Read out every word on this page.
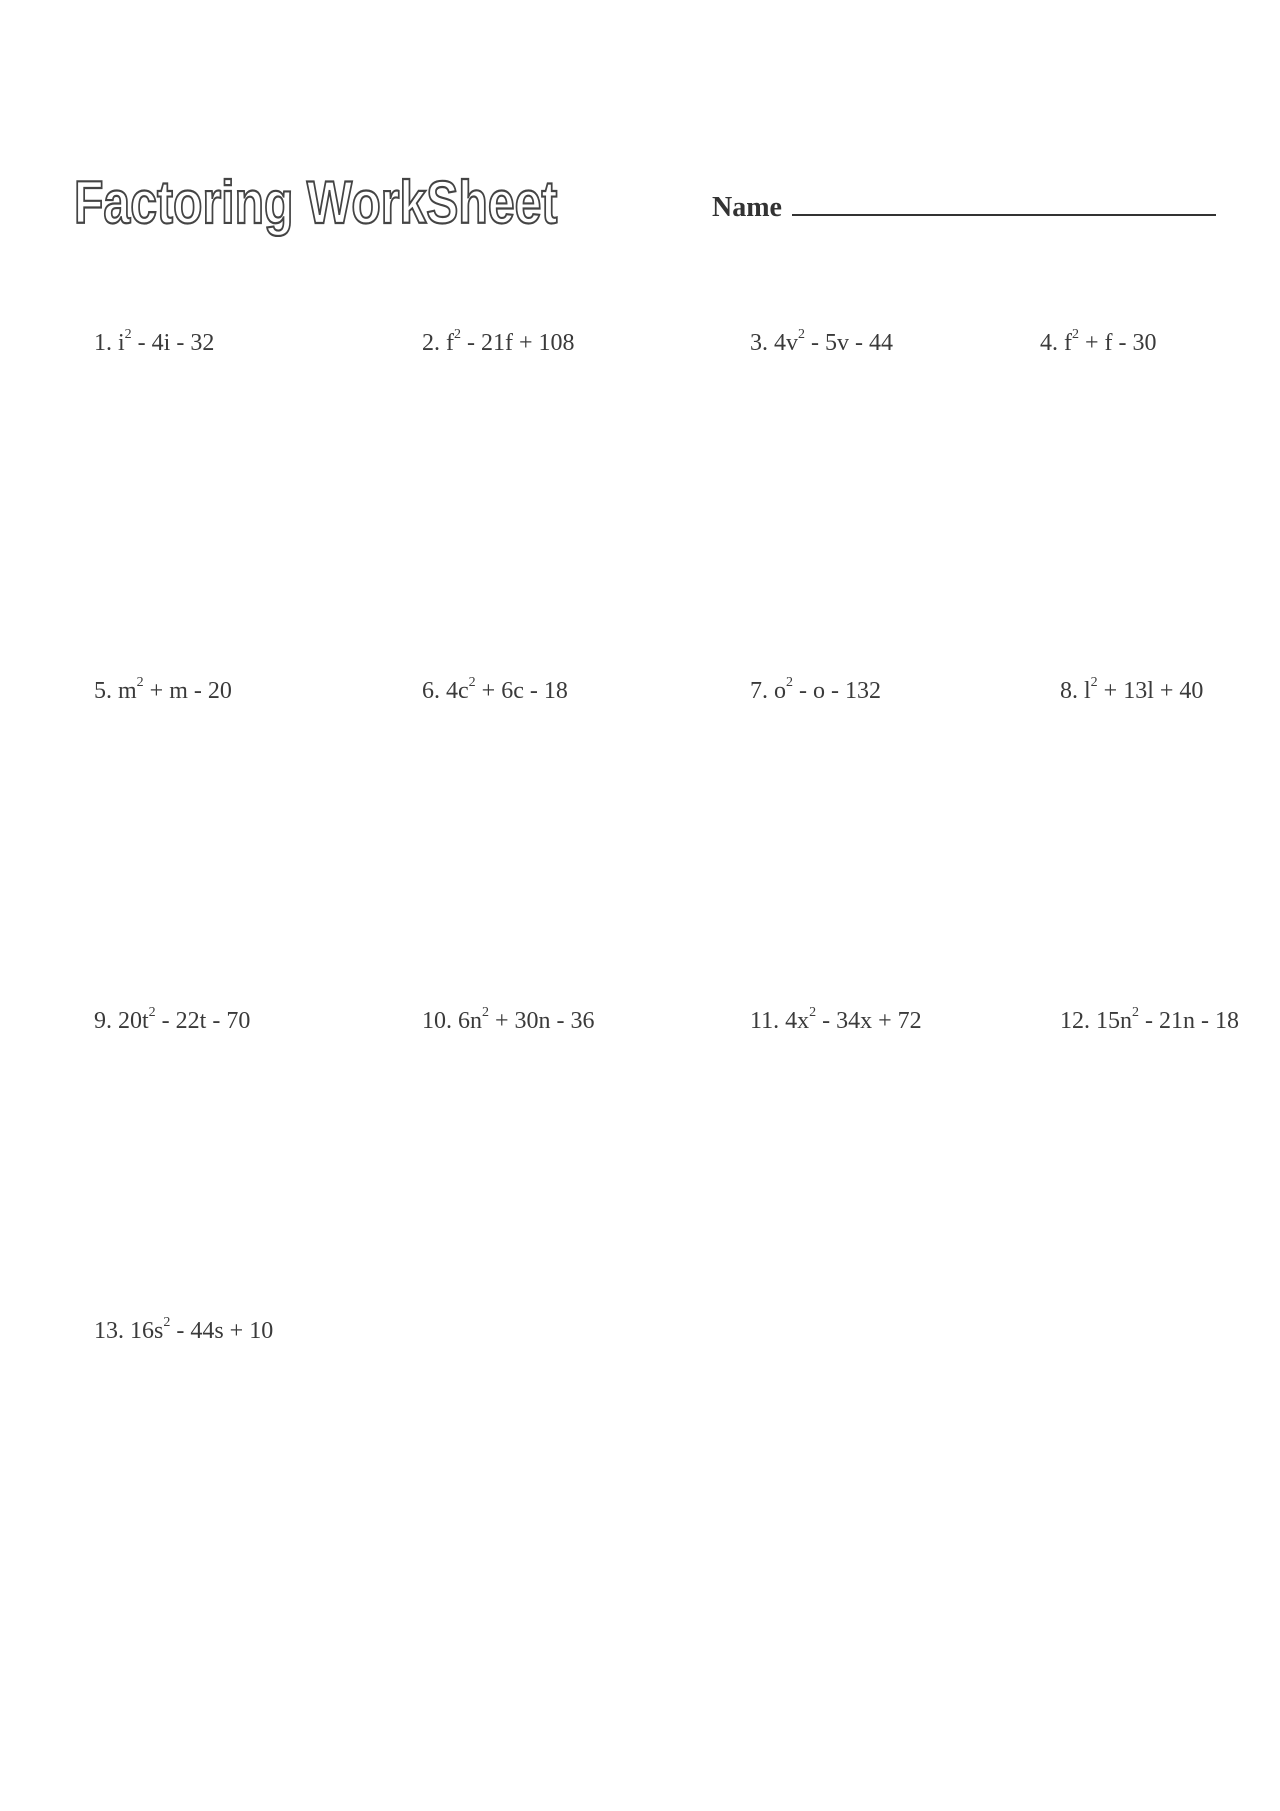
Factoring WorkSheet	Name
1. $i^2 - 4i - 32$	2. $f^2 - 21f + 108$	3. $4v^2 - 5v - 44$	4. $f^2 + f - 30$
5. $m^2 + m - 20$	6. $4c^2 + 6c - 18$	7. $o^2$ - o - 132	8. $l^2 + 13l + 40$
9. $20t^2 - 22t - 70$	10. $6n^2 + 30n - 36$	11. $4x^2 - 34x + 72$	12. $15n^2 - 21n - 18$
13. $16s^2 - 44s + 10$
